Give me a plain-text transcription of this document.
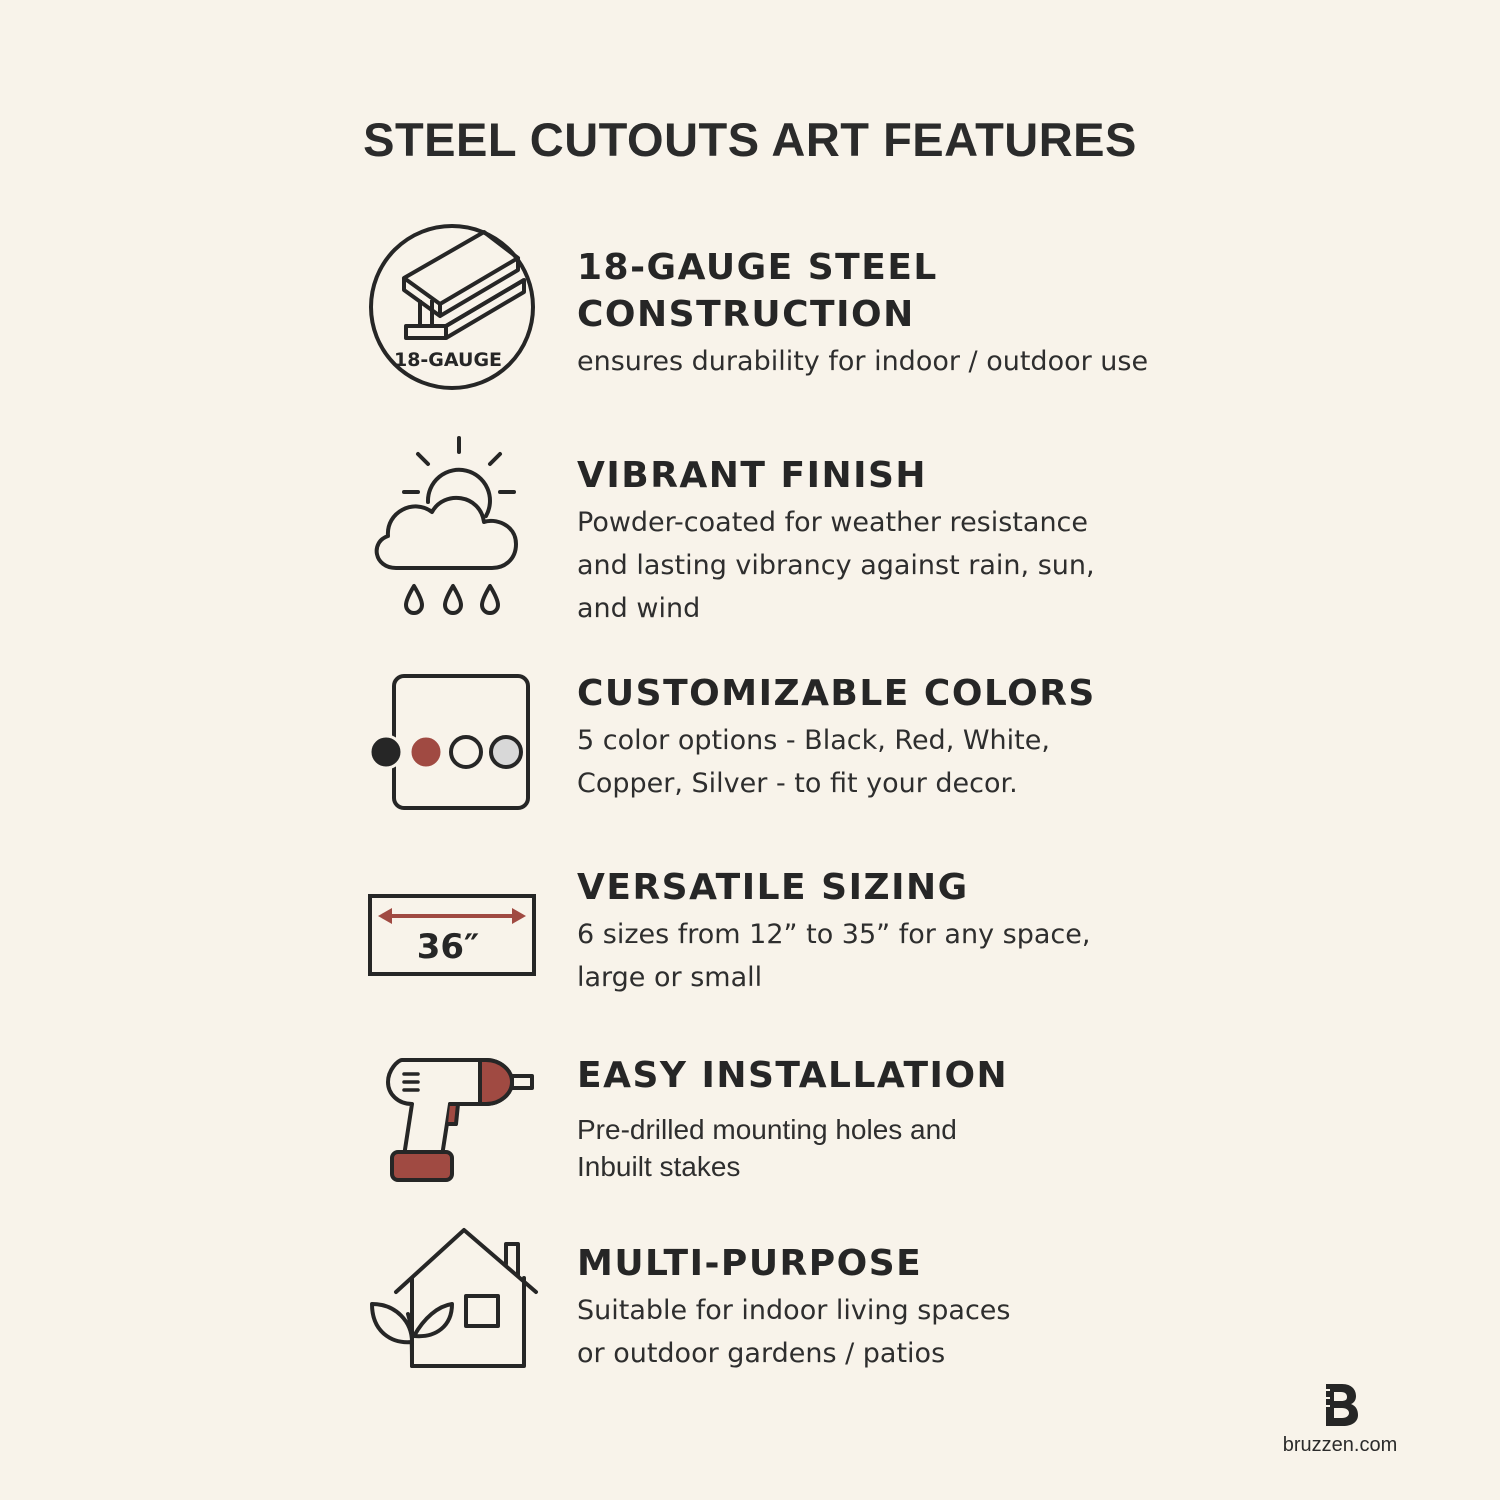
STEEL CUTOUTS ART FEATURES
18-GAUGE

18-GAUGE STEEL
CONSTRUCTION

ensures durability for indoor / outdoor use

VIBRANT FINISH

Powder-coated for weather resistance
and lasting vibrancy against rain, sun,
and wind

CUSTOMIZABLE COLORS

5 color options - Black, Red, White,
Copper, Silver - to fit your decor.

36″

VERSATILE SIZING

6 sizes from 12” to 35” for any space,
large or small

EASY INSTALLATION

Pre-drilled mounting holes and
Inbuilt stakes

MULTI-PURPOSE

Suitable for indoor living spaces
or outdoor gardens / patios

bruzzen.com
